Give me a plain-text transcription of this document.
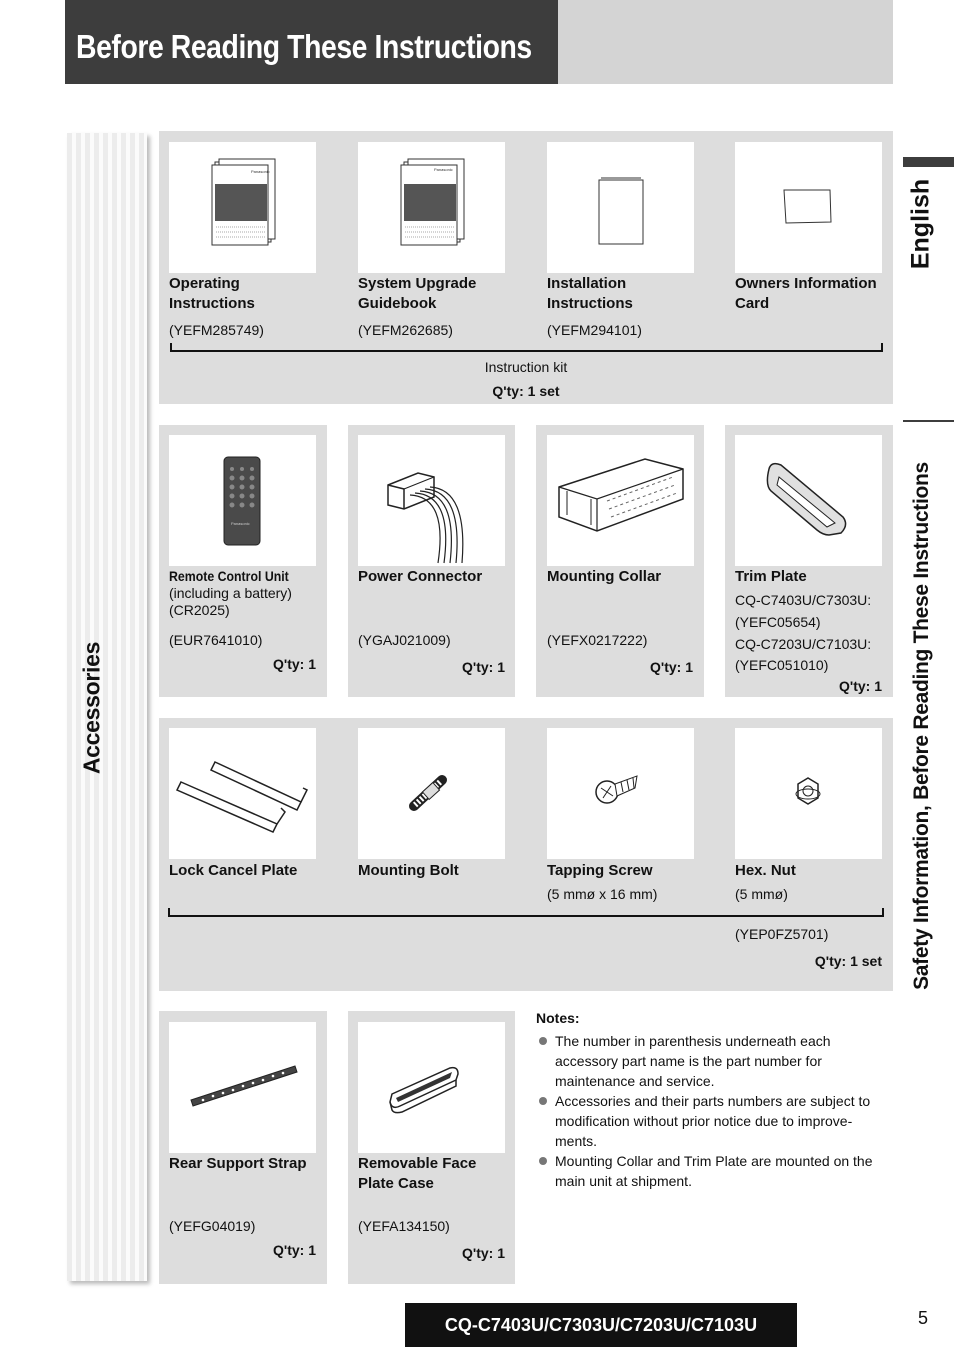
Before Reading These Instructions
Accessories
English
Safety Information, Before Reading These Instructions
Panasonic	Panasonic
Operating Instructions
System Upgrade Guidebook
Installation Instructions
Owners Information Card
(YEFM285749)	(YEFM262685)	(YEFM294101)
Instruction kit
Q'ty: 1 set
Panasonic
Remote Control Unit
(including a battery)
(CR2025)
(EUR7641010)
Q'ty: 1
Power Connector
(YGAJ021009)
Q'ty: 1
Mounting Collar
(YEFX0217222)
Q'ty: 1
Trim Plate
CQ-C7403U/C7303U:
(YEFC05654)
CQ-C7203U/C7103U:
(YEFC051010)
Q'ty: 1
Lock Cancel Plate	Mounting Bolt	Tapping Screw	Hex. Nut
(5 mmø x 16 mm)	(5 mmø)
(YEP0FZ5701)
Q'ty: 1 set
Rear Support Strap
(YEFG04019)
Q'ty: 1
Removable Face Plate Case
(YEFA134150)
Q'ty: 1
Notes:
The number in parenthesis underneath each accessory part name is the part number for maintenance and service.
Accessories and their parts numbers are subject to modification without prior notice due to improve-ments.
Mounting Collar and Trim Plate are mounted on the main unit at shipment.
CQ-C7403U/C7303U/C7203U/C7103U	5
